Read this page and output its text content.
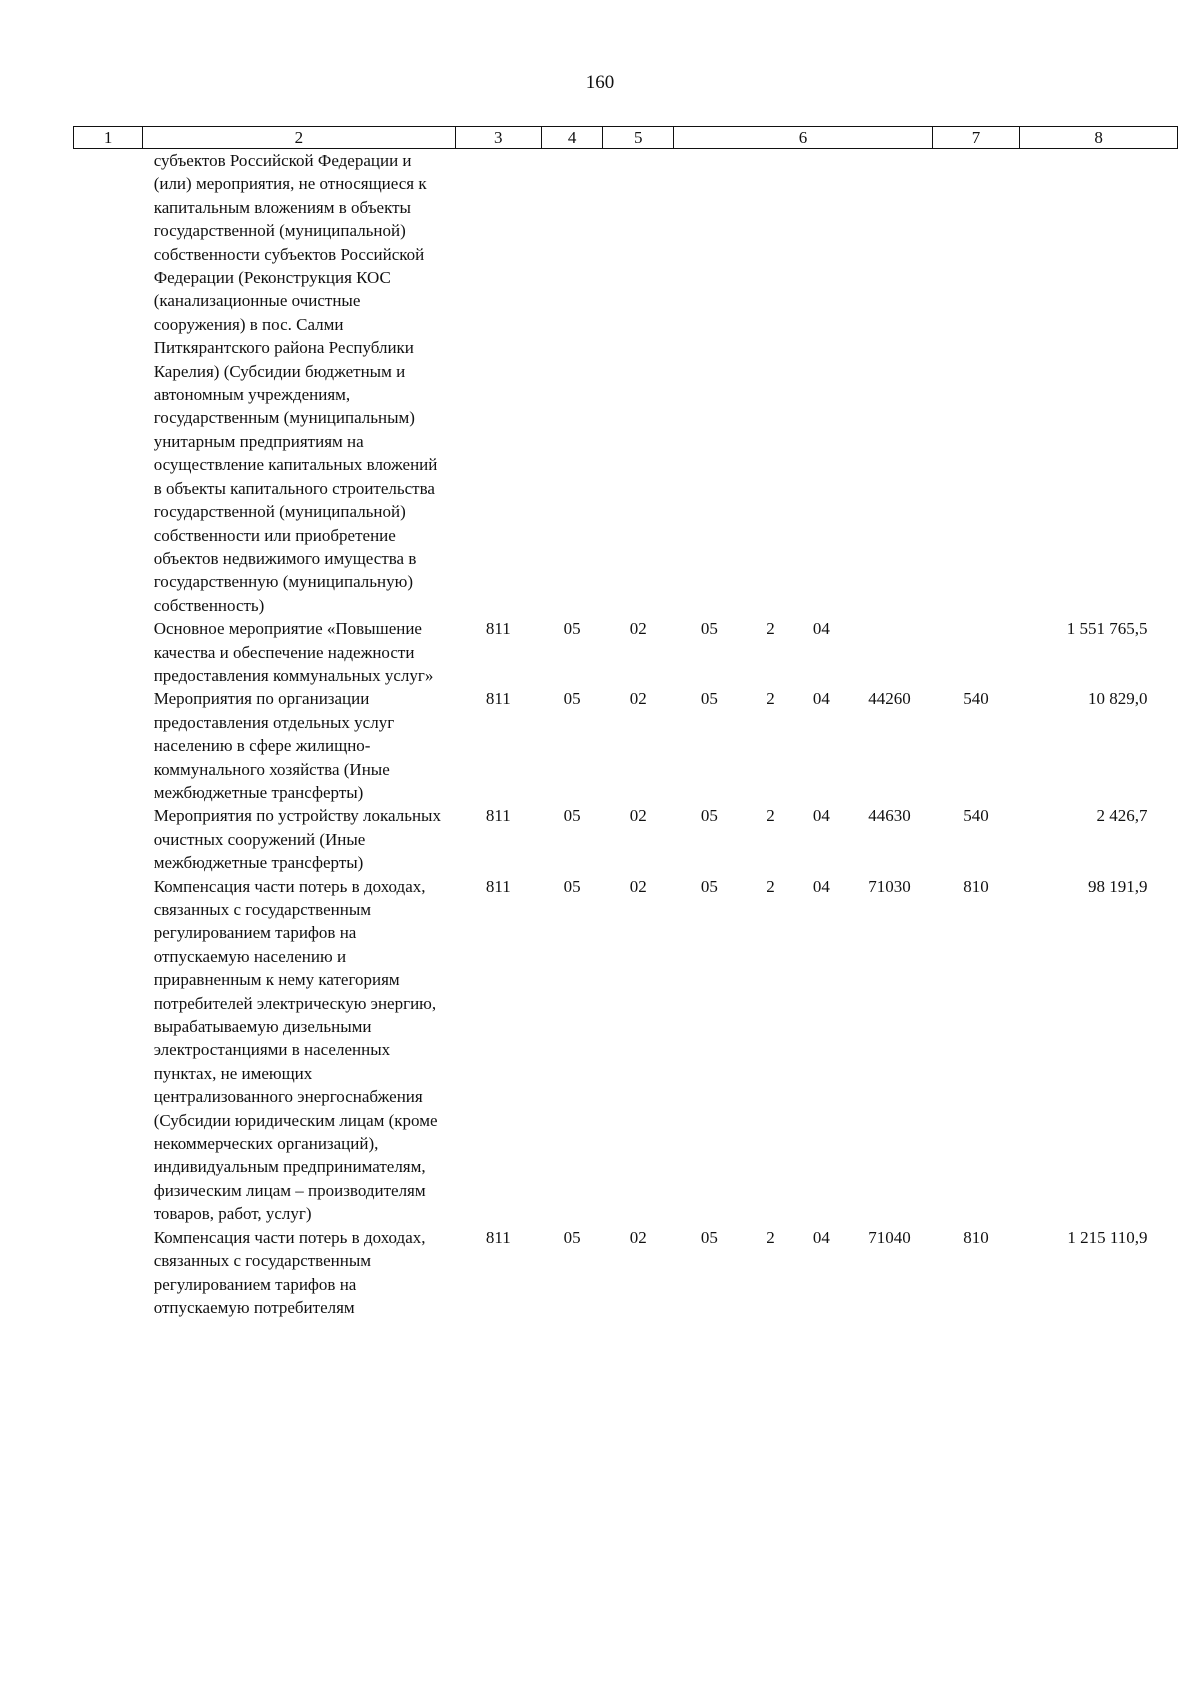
160
1	2	3	4	5	6				7	8
	субъектов Российской Федерации и (или) мероприятия, не относящиеся к капитальным вложениям в объекты государственной (муниципальной) собственности субъектов Российской Федерации (Реконструкция КОС (канализационные очистные сооружения) в пос. Салми Питкярантского района Республики Карелия) (Субсидии бюджетным и автономным учреждениям, государственным (муниципальным) унитарным предприятиям на осуществление капитальных вложений в объекты капитального строительства государственной (муниципальной) собственности или приобретение объектов недвижимого имущества в государственную (муниципальную) собственность)									
	Основное мероприятие «Повышение качества и обеспечение надежности предоставления коммунальных услуг»	811	05	02	05	2	04			1 551 765,5
	Мероприятия по организации предоставления отдельных услуг населению в сфере жилищно-коммунального хозяйства (Иные межбюджетные трансферты)	811	05	02	05	2	04	44260	540	10 829,0
	Мероприятия по устройству локальных очистных сооружений (Иные межбюджетные трансферты)	811	05	02	05	2	04	44630	540	2 426,7
	Компенсация части потерь в доходах, связанных с государственным регулированием тарифов на отпускаемую населению и приравненным к нему категориям потребителей электрическую энергию, вырабатываемую дизельными электростанциями в населенных пунктах, не имеющих централизованного энергоснабжения (Субсидии юридическим лицам (кроме некоммерческих организаций), индивидуальным предпринимателям, физическим лицам – производителям товаров, работ, услуг)	811	05	02	05	2	04	71030	810	98 191,9
	Компенсация части потерь в доходах, связанных с государственным регулированием тарифов на отпускаемую потребителям	811	05	02	05	2	04	71040	810	1 215 110,9
